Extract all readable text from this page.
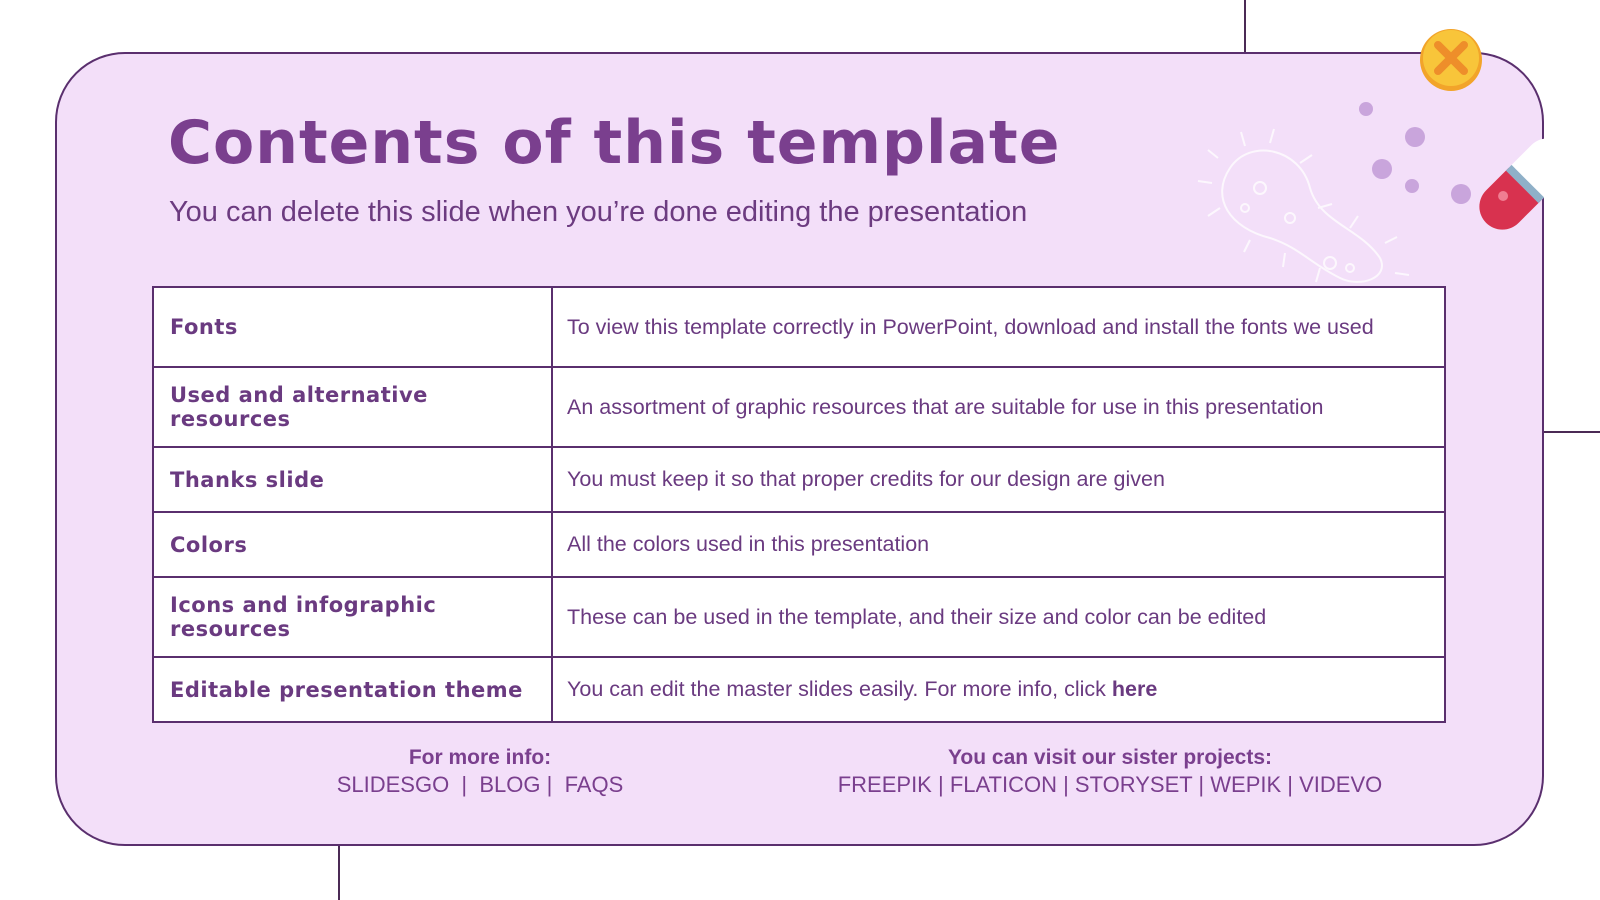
Contents of this template
You can delete this slide when you’re done editing the presentation
Fonts	To view this template correctly in PowerPoint, download and install the fonts we used
Used and alternative resources	An assortment of graphic resources that are suitable for use in this presentation
Thanks slide	You must keep it so that proper credits for our design are given
Colors	All the colors used in this presentation
Icons and infographic resources	These can be used in the template, and their size and color can be edited
Editable presentation theme	You can edit the master slides easily. For more info, click here
For more info:
SLIDESGO  |  BLOG |  FAQS
You can visit our sister projects:
FREEPIK | FLATICON | STORYSET | WEPIK | VIDEVO
